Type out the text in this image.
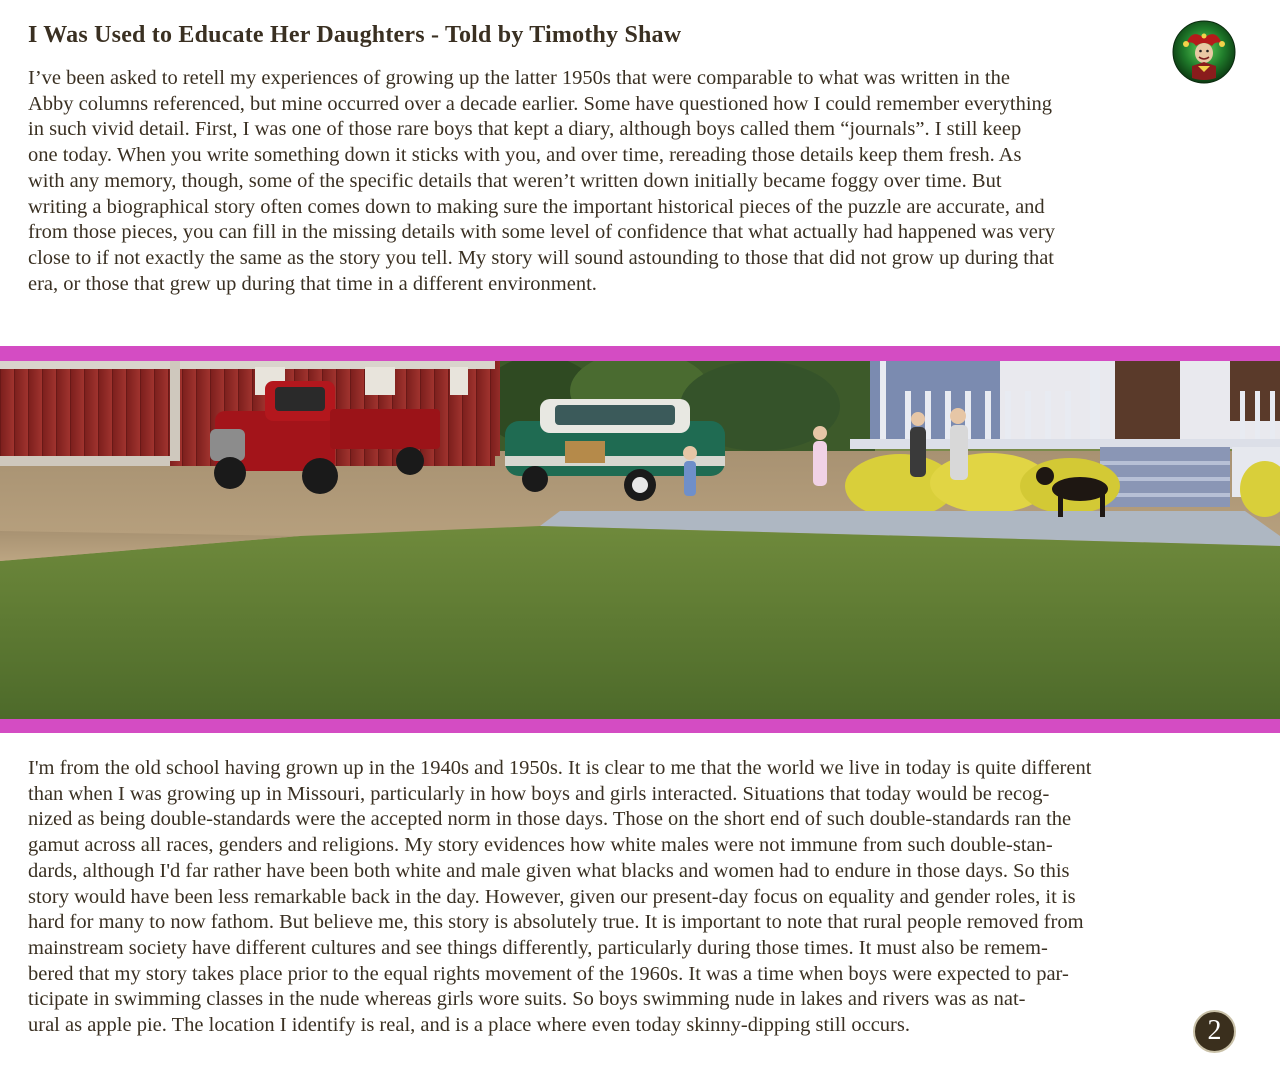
I Was Used to Educate Her Daughters - Told by Timothy Shaw
I’ve been asked to retell my experiences of growing up the latter 1950s that were comparable to what was written in the
Abby columns referenced, but mine occurred over a decade earlier. Some have questioned how I could remember everything
in such vivid detail. First, I was one of those rare boys that kept a diary, although boys called them “journals”. I still keep
one today. When you write something down it sticks with you, and over time, rereading those details keep them fresh. As
with any memory, though, some of the specific details that weren’t written down initially became foggy over time. But
writing a biographical story often comes down to making sure the important historical pieces of the puzzle are accurate, and
from those pieces, you can fill in the missing details with some level of confidence that what actually had happened was very
close to if not exactly the same as the story you tell. My story will sound astounding to those that did not grow up during that
era, or those that grew up during that time in a different environment.
I'm from the old school having grown up in the 1940s and 1950s. It is clear to me that the world we live in today is quite different
than when I was growing up in Missouri, particularly in how boys and girls interacted. Situations that today would be recog-
nized as being double-standards were the accepted norm in those days. Those on the short end of such double-standards ran the
gamut across all races, genders and religions. My story evidences how white males were not immune from such double-stan-
dards, although I'd far rather have been both white and male given what blacks and women had to endure in those days. So this
story would have been less remarkable back in the day. However, given our present-day focus on equality and gender roles, it is
hard for many to now fathom. But believe me, this story is absolutely true. It is important to note that rural people removed from
mainstream society have different cultures and see things differently, particularly during those times. It must also be remem-
bered that my story takes place prior to the equal rights movement of the 1960s. It was a time when boys were expected to par-
ticipate in swimming classes in the nude whereas girls wore suits. So boys swimming nude in lakes and rivers was as nat-
ural as apple pie. The location I identify is real, and is a place where even today skinny-dipping still occurs.	2
